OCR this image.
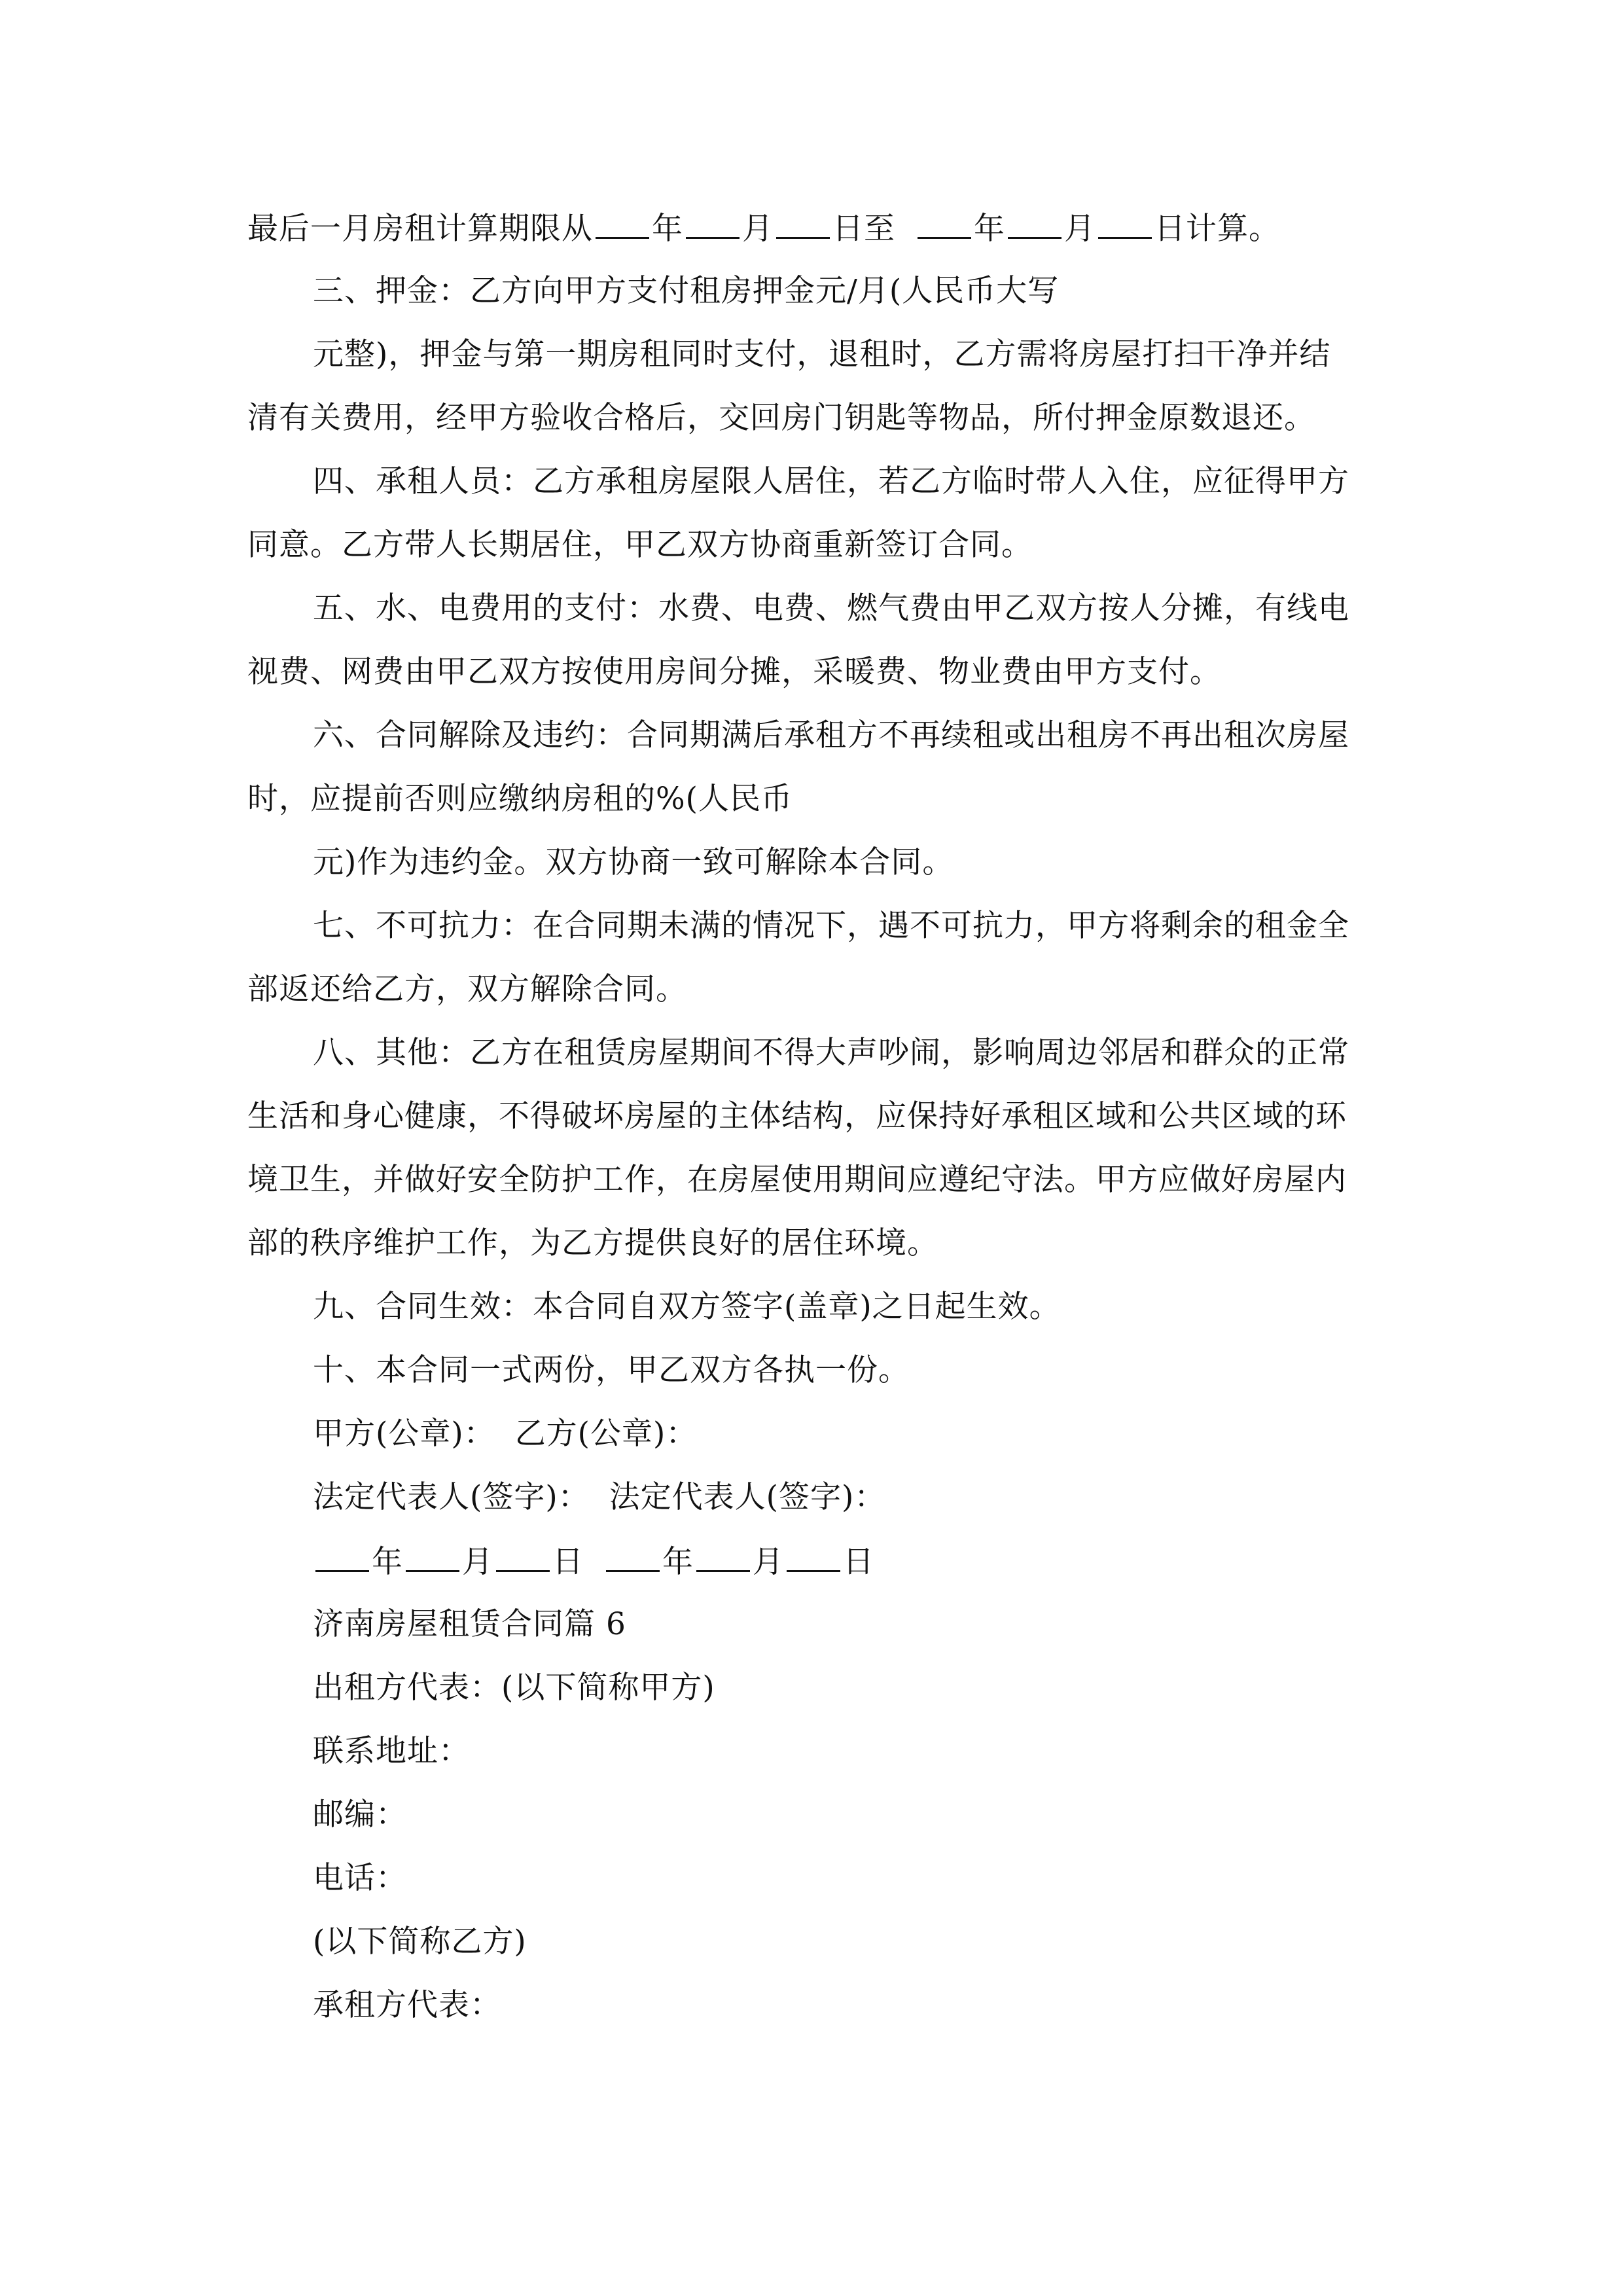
最后一月房租计算期限从 年 月 日至	年 月 日计算。
三、押金：乙方向甲方支付租房押金元/月(人民币大写
元整)，押金与第一期房租同时支付，退租时，乙方需将房屋打扫干净并结
清有关费用，经甲方验收合格后，交回房门钥匙等物品，所付押金原数退还。
四、承租人员：乙方承租房屋限人居住，若乙方临时带人入住，应征得甲方
同意。乙方带人长期居住，甲乙双方协商重新签订合同。
五、水、电费用的支付：水费、电费、燃气费由甲乙双方按人分摊，有线电
视费、网费由甲乙双方按使用房间分摊，采暖费、物业费由甲方支付。
六、合同解除及违约：合同期满后承租方不再续租或出租房不再出租次房屋
时，应提前否则应缴纳房租的%(人民币
元)作为违约金。双方协商一致可解除本合同。
七、不可抗力：在合同期未满的情况下，遇不可抗力，甲方将剩余的租金全
部返还给乙方，双方解除合同。
八、其他：乙方在租赁房屋期间不得大声吵闹，影响周边邻居和群众的正常
生活和身心健康，不得破坏房屋的主体结构，应保持好承租区域和公共区域的环
境卫生，并做好安全防护工作，在房屋使用期间应遵纪守法。甲方应做好房屋内
部的秩序维护工作，为乙方提供良好的居住环境。
九、合同生效：本合同自双方签字(盖章)之日起生效。
十、本合同一式两份，甲乙双方各执一份。
甲方(公章)： 乙方(公章)：
法定代表人(签字)： 法定代表人(签字)：
年 月 日	年 月 日
济南房屋租赁合同篇 6
出租方代表：(以下简称甲方)
联系地址：
邮编：
电话：
(以下简称乙方)
承租方代表：
